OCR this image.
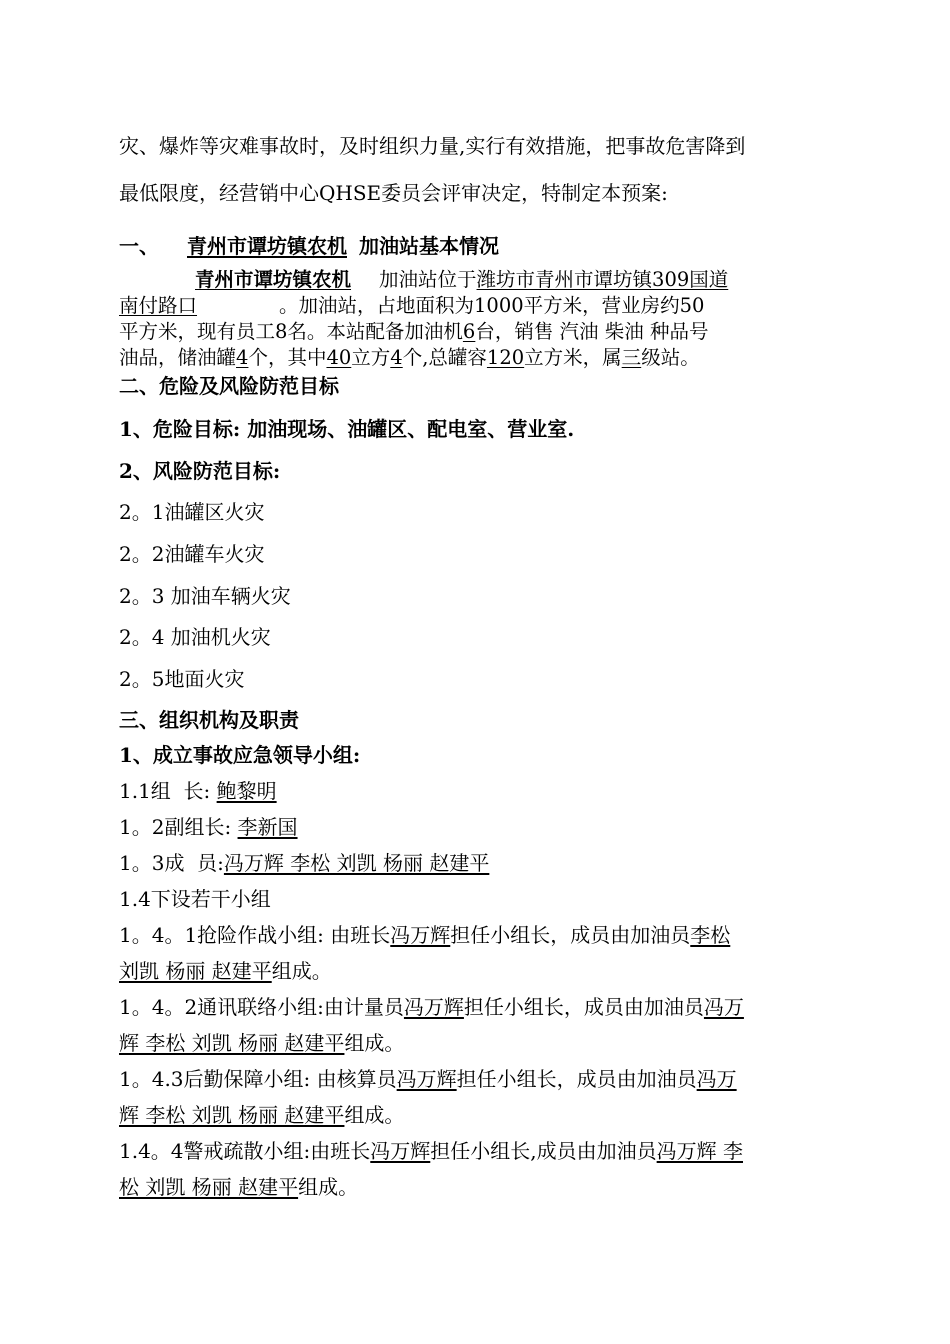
灾、爆炸等灾难事故时，及时组织力量,实行有效措施，把事故危害降到

最低限度，经营销中心QHSE委员会评审决定，特制定本预案:

一、 青州市谭坊镇农机 加油站基本情况

青州市谭坊镇农机 加油站位于潍坊市青州市谭坊镇309国道

南付路口	。加油站，占地面积为1000平方米，营业房约50

平方米，现有员工8名。本站配备加油机6台，销售 汽油 柴油 种品号

油品，储油罐4个，其中40立方4个,总罐容120立方米，属三级站。

二、危险及风险防范目标

1、危险目标: 加油现场、油罐区、配电室、营业室.

2、风险防范目标:

2。1油罐区火灾

2。2油罐车火灾

2。3 加油车辆火灾

2。4 加油机火灾

2。5地面火灾

三、组织机构及职责

1、成立事故应急领导小组:

1.1组  长: 鲍黎明

1。2副组长: 李新国

1。3成  员:冯万辉 李松 刘凯 杨丽 赵建平

1.4下设若干小组

1。4。1抢险作战小组: 由班长冯万辉担任小组长，成员由加油员李松

刘凯 杨丽 赵建平组成。

1。4。2通讯联络小组:由计量员冯万辉担任小组长，成员由加油员冯万

辉 李松 刘凯 杨丽 赵建平组成。

1。4.3后勤保障小组: 由核算员冯万辉担任小组长，成员由加油员冯万

辉 李松 刘凯 杨丽 赵建平组成。

1.4。4警戒疏散小组:由班长冯万辉担任小组长,成员由加油员冯万辉 李

松 刘凯 杨丽 赵建平组成。
